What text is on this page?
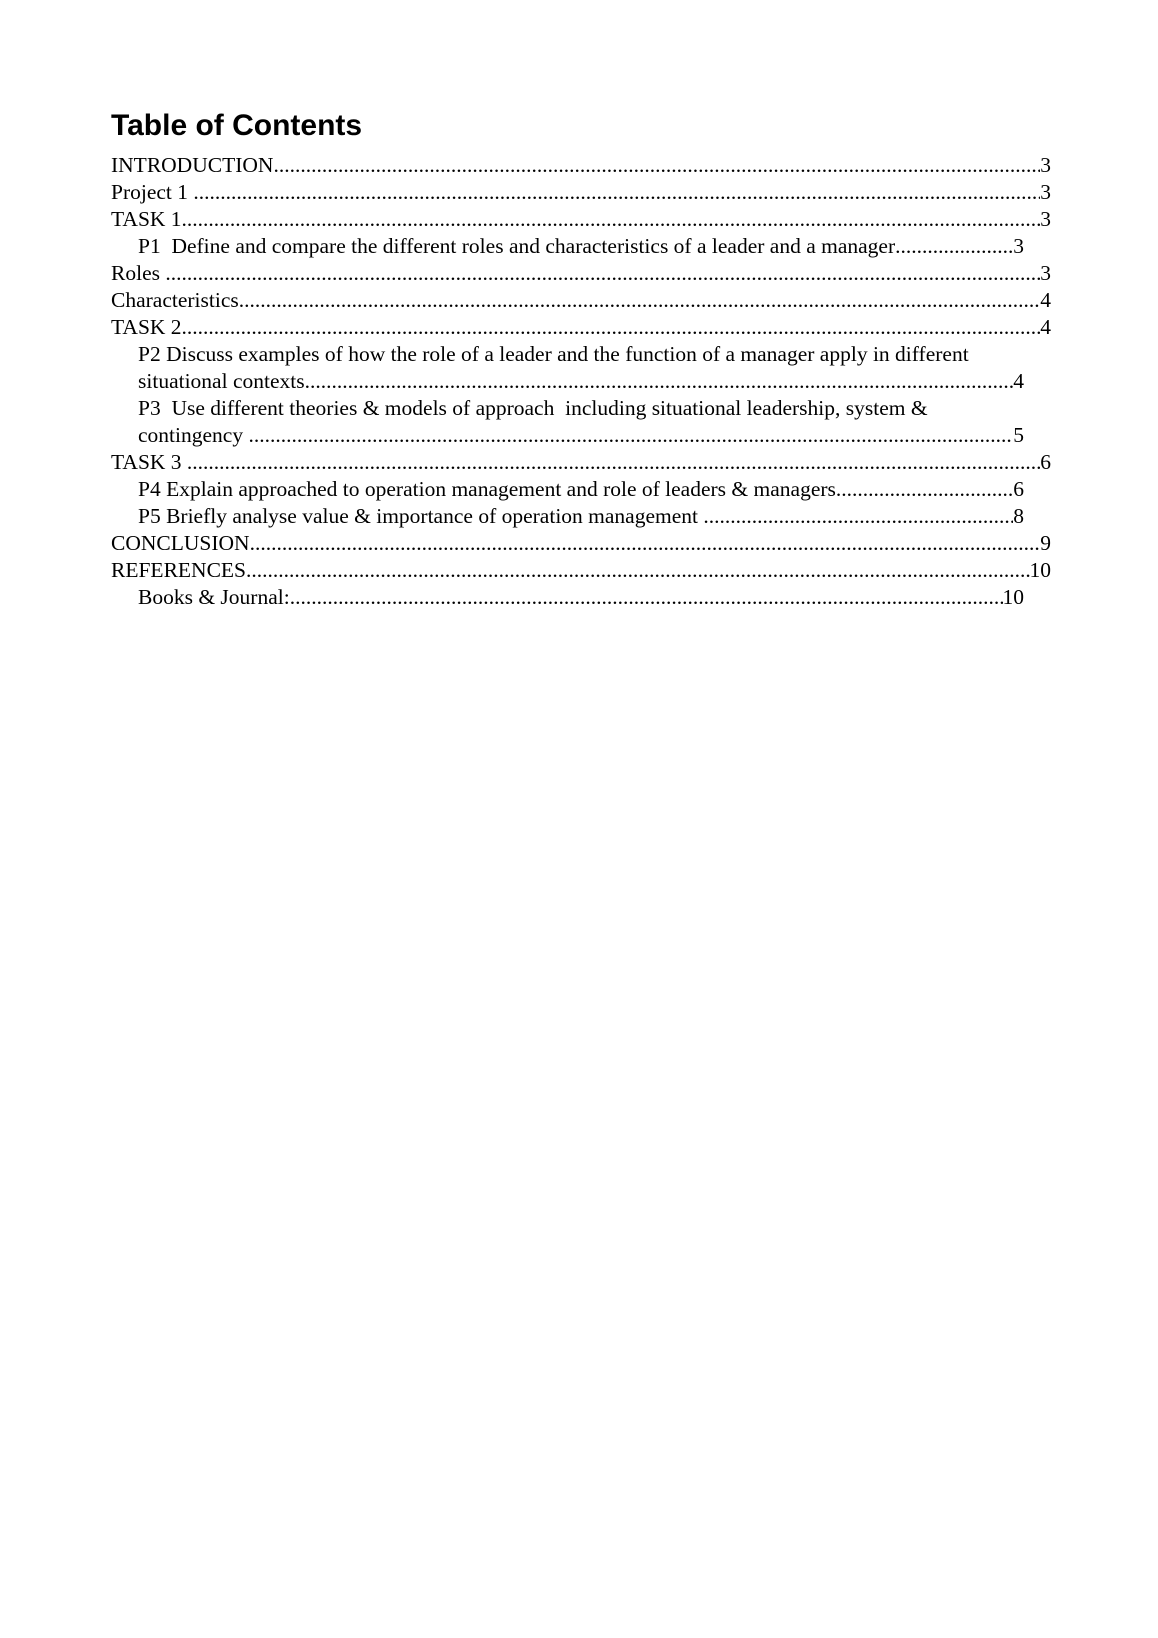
Table of Contents
INTRODUCTION .....	3
Project 1 .....	3
TASK 1 .....	3
P1  Define and compare the different roles and characteristics of a leader and a manager .....	3
Roles .....	3
Characteristics .....	4
TASK 2 .....	4
P2 Discuss examples of how the role of a leader and the function of a manager apply in different
situational contexts .....	4
P3  Use different theories & models of approach  including situational leadership, system &
contingency .....	5
TASK 3 .....	6
P4 Explain approached to operation management and role of leaders & managers .....	6
P5 Briefly analyse value & importance of operation management .....	8
CONCLUSION .....	9
REFERENCES .....	10
Books & Journal: .....	10
